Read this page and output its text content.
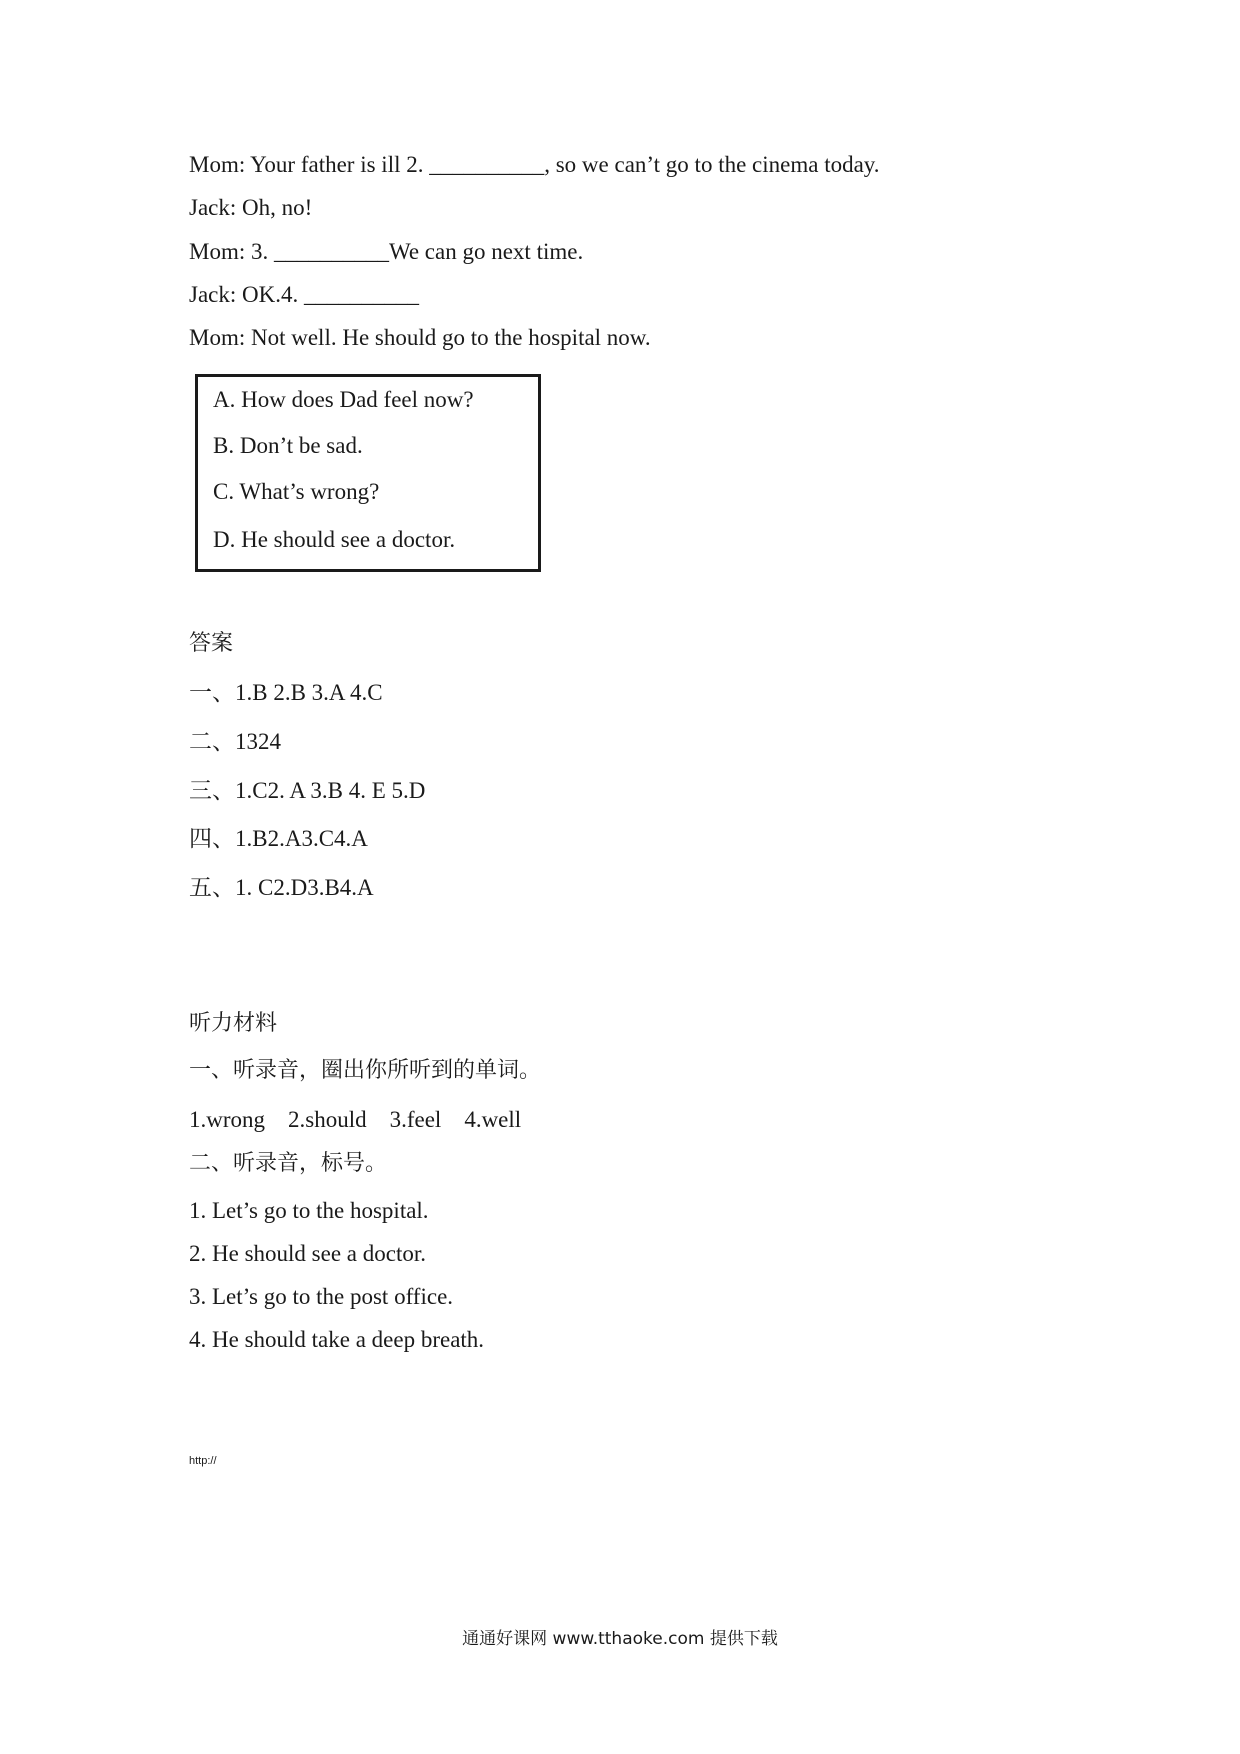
Mom: Your father is ill 2. __________, so we can’t go to the cinema today.
Jack: Oh, no!
Mom: 3. __________We can go next time.
Jack: OK.4. __________
Mom: Not well. He should go to the hospital now.
A. How does Dad feel now?
B. Don’t be sad.
C. What’s wrong?
D. He should see a doctor.
答案
一、1.B 2.B 3.A 4.C
二、1324
三、1.C2. A 3.B 4. E 5.D
四、1.B2.A3.C4.A
五、1. C2.D3.B4.A
听力材料
一、听录音，圈出你所听到的单词。
1.wrong    2.should    3.feel    4.well
二、听录音，标号。
1. Let’s go to the hospital.
2. He should see a doctor.
3. Let’s go to the post office.
4. He should take a deep breath.
http://
通通好课网 www.tthaoke.com 提供下载
